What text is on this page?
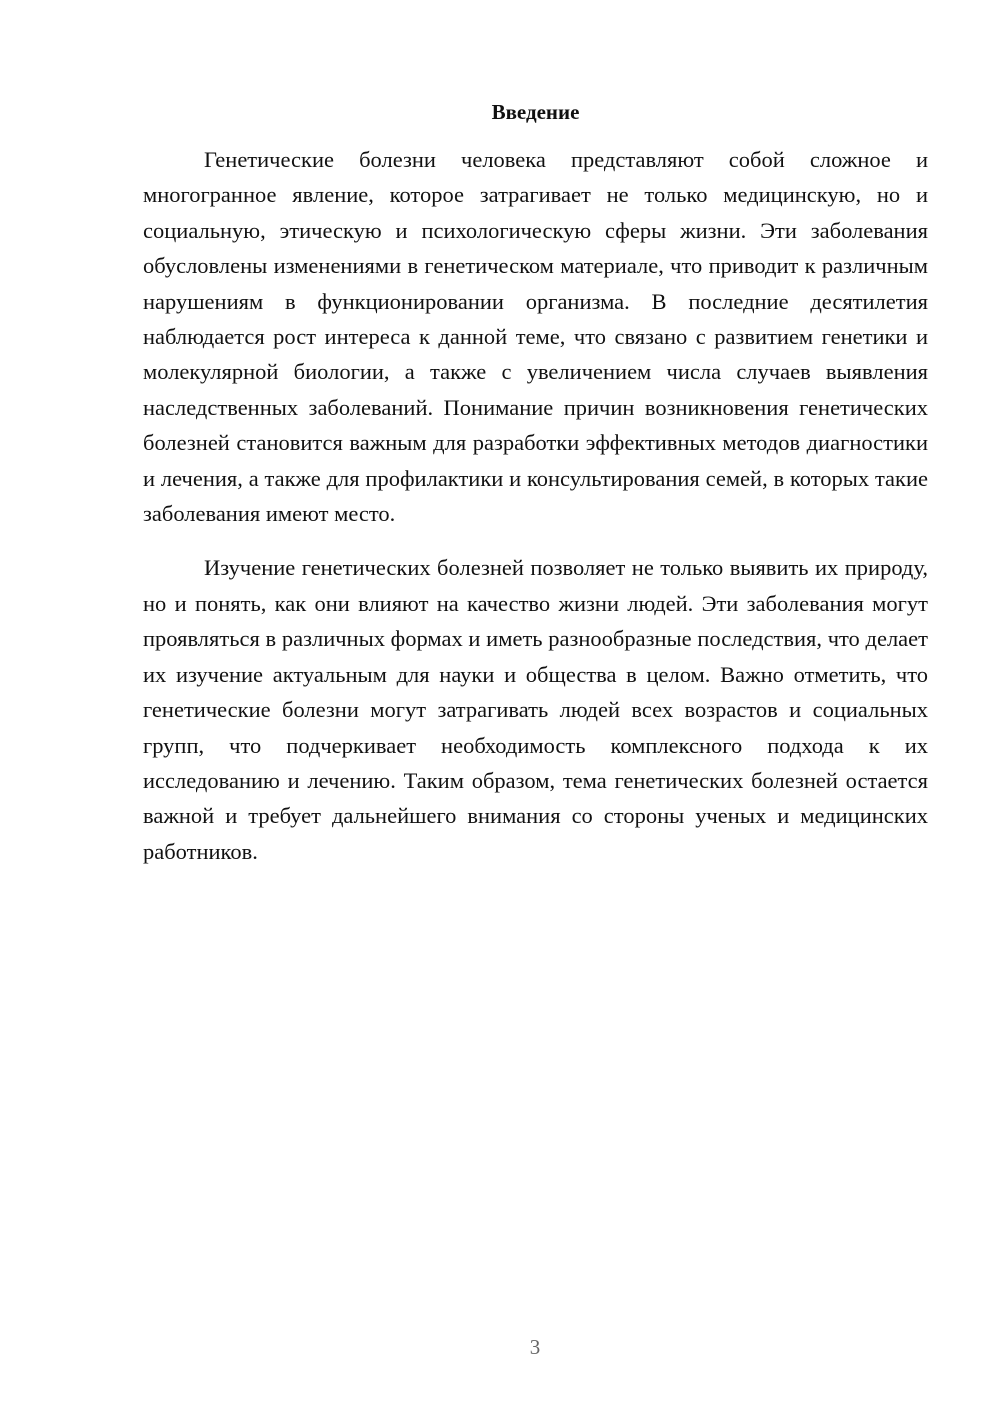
Введение

Генетические болезни человека представляют собой сложное и многогранное явление, которое затрагивает не только медицинскую, но и социальную, этическую и психологическую сферы жизни. Эти заболевания обусловлены изменениями в генетическом материале, что приводит к различным нарушениям в функционировании организма. В последние десятилетия наблюдается рост интереса к данной теме, что связано с развитием генетики и молекулярной биологии, а также с увеличением числа случаев выявления наследственных заболеваний. Понимание причин возникновения генетических болезней становится важным для разработки эффективных методов диагностики и лечения, а также для профилактики и консультирования семей, в которых такие заболевания имеют место.

Изучение генетических болезней позволяет не только выявить их природу, но и понять, как они влияют на качество жизни людей. Эти заболевания могут проявляться в различных формах и иметь разнообразные последствия, что делает их изучение актуальным для науки и общества в целом. Важно отметить, что генетические болезни могут затрагивать людей всех возрастов и социальных групп, что подчеркивает необходимость комплексного подхода к их исследованию и лечению. Таким образом, тема генетических болезней остается важной и требует дальнейшего внимания со стороны ученых и медицинских работников.

3
